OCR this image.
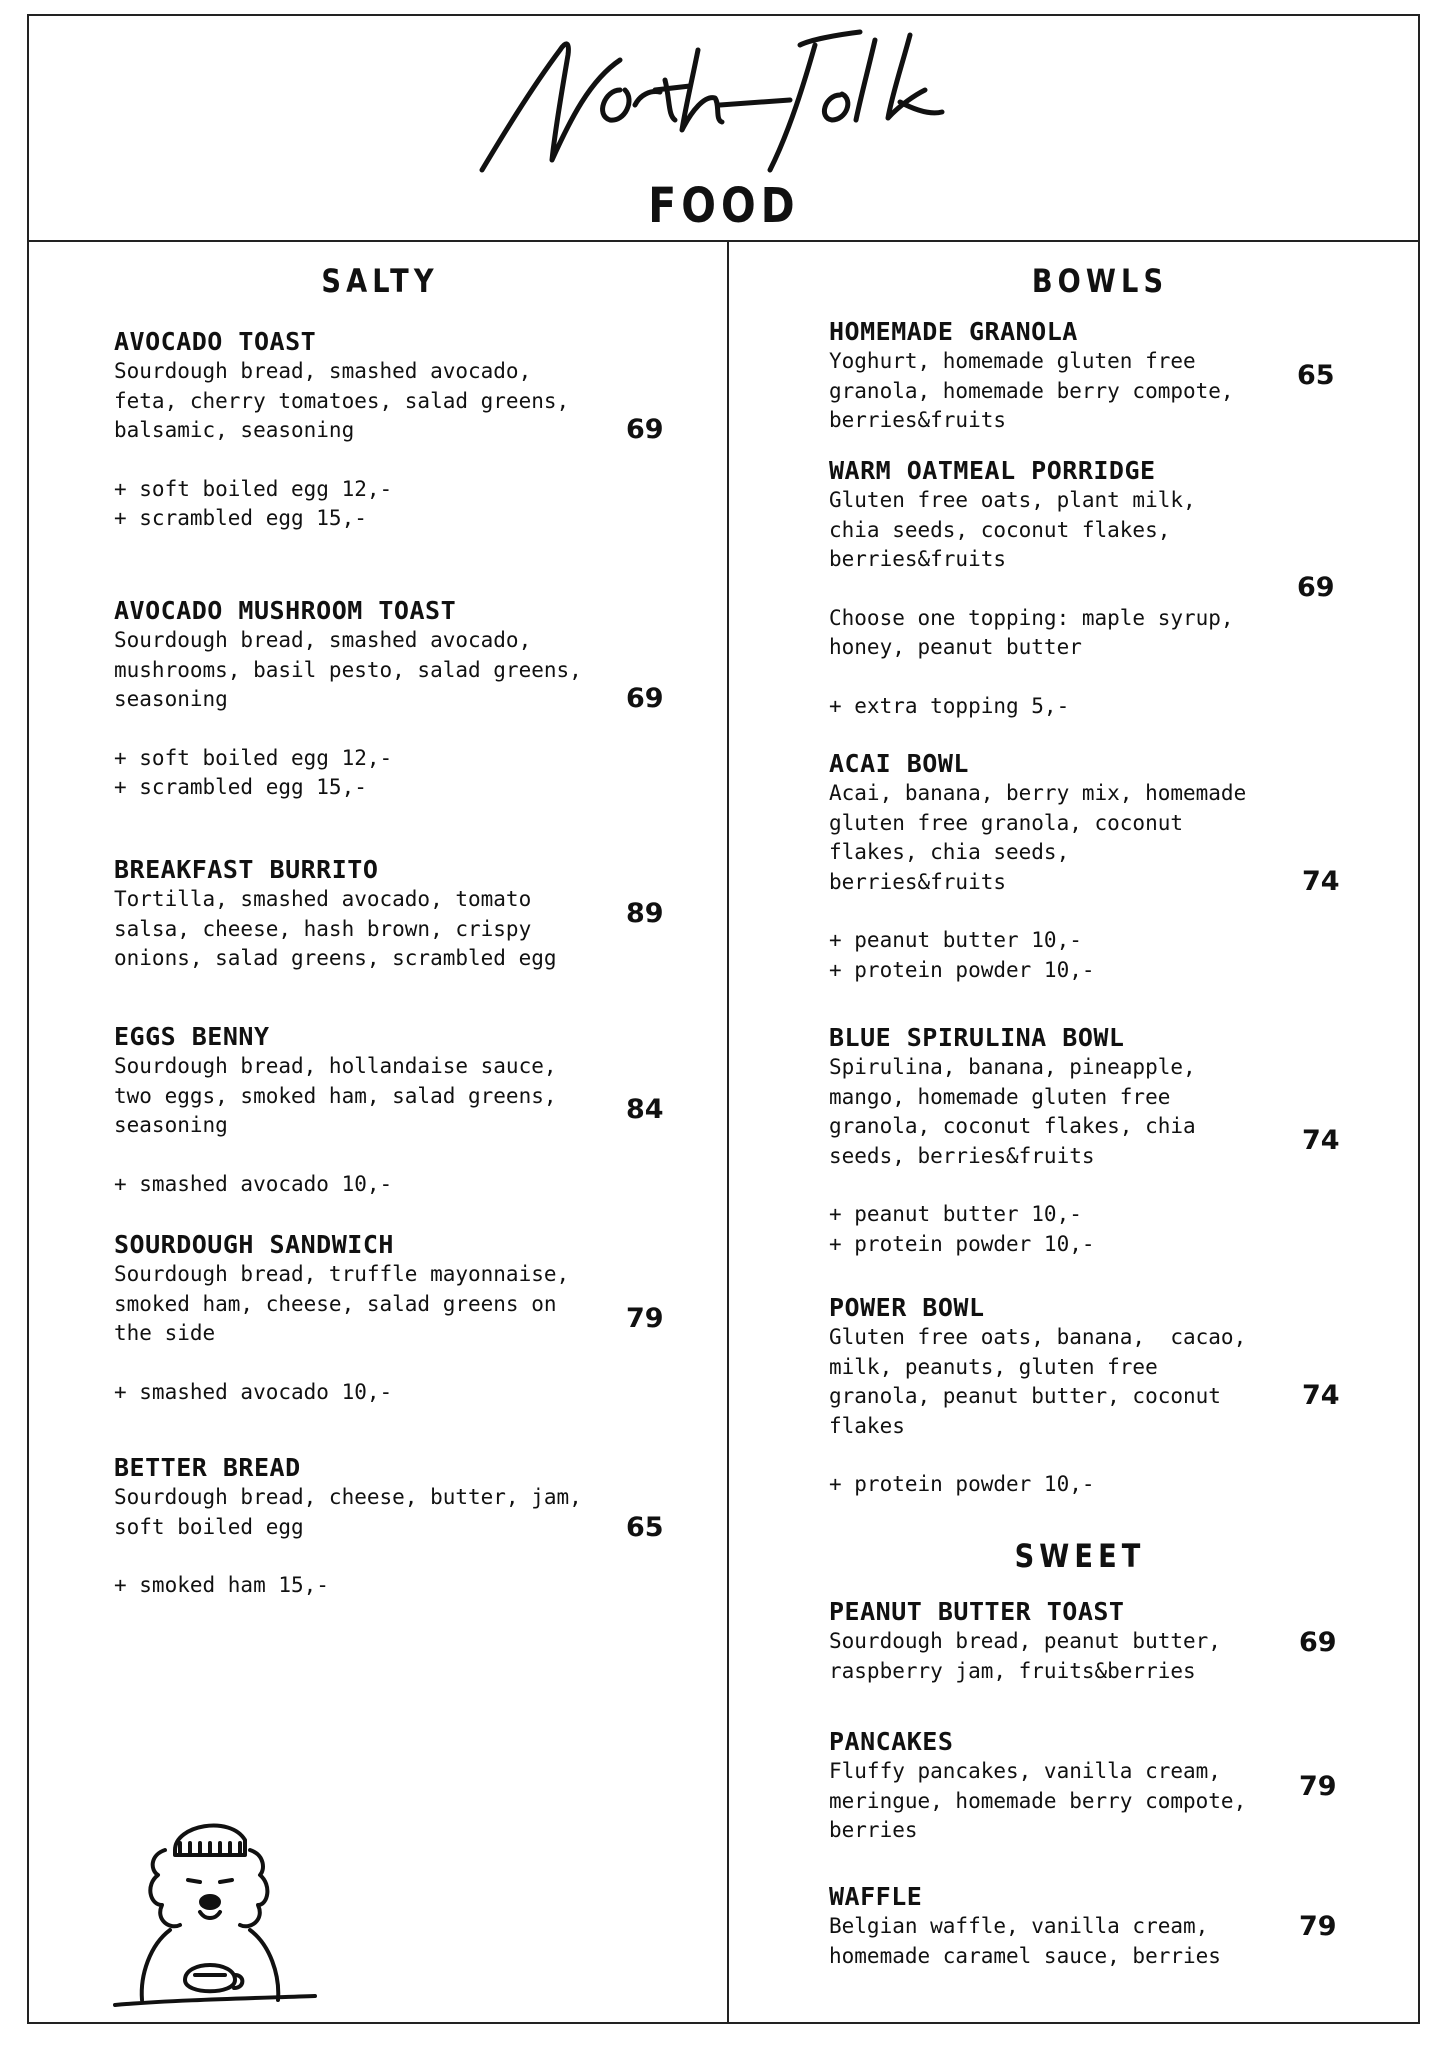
FOOD
SALTY
AVOCADO TOAST
Sourdough bread, smashed avocado,
feta, cherry tomatoes, salad greens,
balsamic, seasoning
+ soft boiled egg 12,-
+ scrambled egg 15,-
69
AVOCADO MUSHROOM TOAST
Sourdough bread, smashed avocado,
mushrooms, basil pesto, salad greens,
seasoning
+ soft boiled egg 12,-
+ scrambled egg 15,-
69
BREAKFAST BURRITO
Tortilla, smashed avocado, tomato
salsa, cheese, hash brown, crispy
onions, salad greens, scrambled egg
89
EGGS BENNY
Sourdough bread, hollandaise sauce,
two eggs, smoked ham, salad greens,
seasoning
+ smashed avocado 10,-
84
SOURDOUGH SANDWICH
Sourdough bread, truffle mayonnaise,
smoked ham, cheese, salad greens on
the side
+ smashed avocado 10,-
79
BETTER BREAD
Sourdough bread, cheese, butter, jam,
soft boiled egg
+ smoked ham 15,-
65
BOWLS
HOMEMADE GRANOLA
Yoghurt, homemade gluten free
granola, homemade berry compote,
berries&fruits
65
WARM OATMEAL PORRIDGE
Gluten free oats, plant milk,
chia seeds, coconut flakes,
berries&fruits
Choose one topping: maple syrup,
honey, peanut butter
+ extra topping 5,-
69
ACAI BOWL
Acai, banana, berry mix, homemade
gluten free granola, coconut
flakes, chia seeds,
berries&fruits
+ peanut butter 10,-
+ protein powder 10,-
74
BLUE SPIRULINA BOWL
Spirulina, banana, pineapple,
mango, homemade gluten free
granola, coconut flakes, chia
seeds, berries&fruits
+ peanut butter 10,-
+ protein powder 10,-
74
POWER BOWL
Gluten free oats, banana,  cacao,
milk, peanuts, gluten free
granola, peanut butter, coconut
flakes
+ protein powder 10,-
74
SWEET
PEANUT BUTTER TOAST
Sourdough bread, peanut butter,
raspberry jam, fruits&berries
69
PANCAKES
Fluffy pancakes, vanilla cream,
meringue, homemade berry compote,
berries
79
WAFFLE
Belgian waffle, vanilla cream,
homemade caramel sauce, berries
79
